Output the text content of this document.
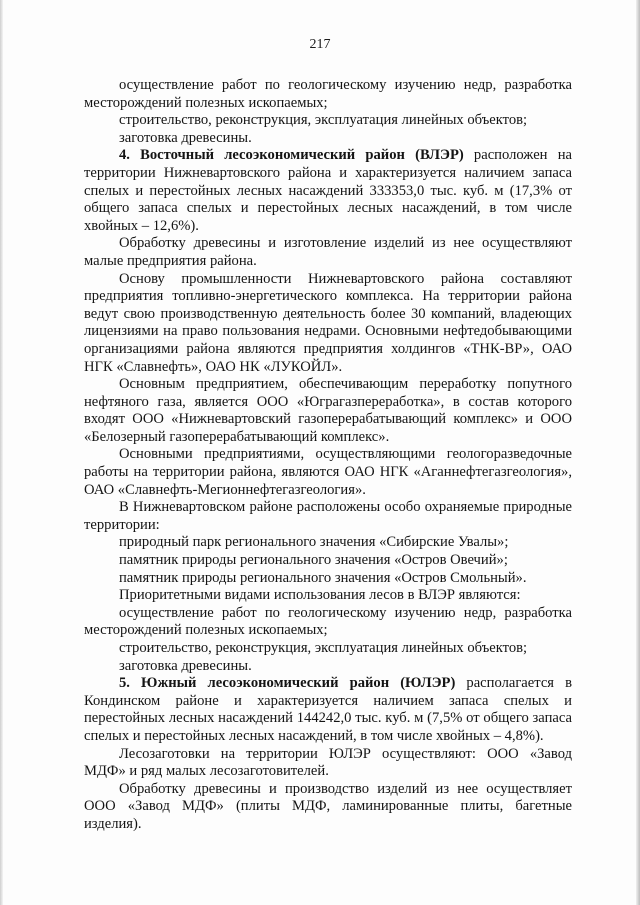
217

осуществление работ по геологическому изучению недр, разработка месторождений полезных ископаемых;

строительство, реконструкция, эксплуатация линейных объектов;

заготовка древесины.

4. Восточный лесоэкономический район (ВЛЭР) расположен на территории Нижневартовского района и характеризуется наличием запаса спелых и перестойных лесных насаждений 333353,0 тыс. куб. м (17,3% от общего запаса спелых и перестойных лесных насаждений, в том числе хвойных – 12,6%).

Обработку древесины и изготовление изделий из нее осуществляют малые предприятия района.

Основу промышленности Нижневартовского района составляют предприятия топливно-энергетического комплекса. На территории района ведут свою производственную деятельность более 30 компаний, владеющих лицензиями на право пользования недрами. Основными нефтедобывающими организациями района являются предприятия холдингов «ТНК-ВР», ОАО НГК «Славнефть», ОАО НК «ЛУКОЙЛ».

Основным предприятием, обеспечивающим переработку попутного нефтяного газа, является ООО «Юграгазпереработка», в состав которого входят ООО «Нижневартовский газоперерабатывающий комплекс» и ООО «Белозерный газоперерабатывающий комплекс».

Основными предприятиями, осуществляющими геологоразведочные работы на территории района, являются ОАО НГК «Аганнефтегазгеология», ОАО «Славнефть-Мегионнефтегазгеология».

В Нижневартовском районе расположены особо охраняемые природные территории:

природный парк регионального значения «Сибирские Увалы»;

памятник природы регионального значения «Остров Овечий»;

памятник природы регионального значения «Остров Смольный».

Приоритетными видами использования лесов в ВЛЭР являются:

осуществление работ по геологическому изучению недр, разработка месторождений полезных ископаемых;

строительство, реконструкция, эксплуатация линейных объектов;

заготовка древесины.

5. Южный лесоэкономический район (ЮЛЭР) располагается в Кондинском районе и характеризуется наличием запаса спелых и перестойных лесных насаждений 144242,0 тыс. куб. м (7,5% от общего запаса спелых и перестойных лесных насаждений, в том числе хвойных – 4,8%).

Лесозаготовки на территории ЮЛЭР осуществляют: ООО «Завод МДФ» и ряд малых лесозаготовителей.

Обработку древесины и производство изделий из нее осуществляет ООО «Завод МДФ» (плиты МДФ, ламинированные плиты, багетные изделия).
